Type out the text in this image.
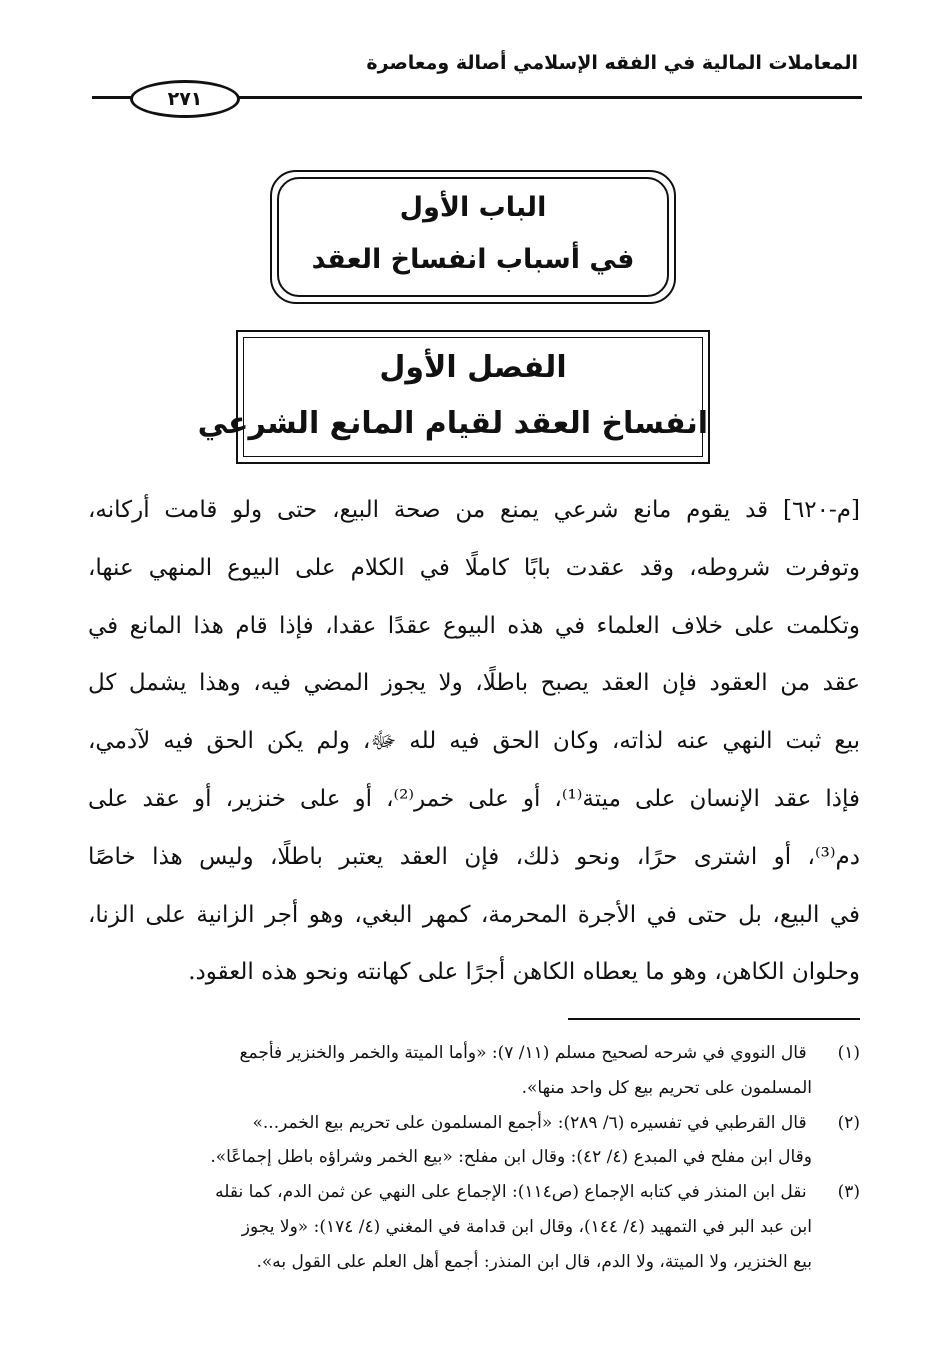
المعاملات المالية في الفقه الإسلامي أصالة ومعاصرة
٢٧١
الباب الأول
في أسباب انفساخ العقد
الفصل الأول
انفساخ العقد لقيام المانع الشرعي
[م-٦٢٠] قد يقوم مانع شرعي يمنع من صحة البيع، حتى ولو قامت أركانه،
وتوفرت شروطه، وقد عقدت بابًا كاملًا في الكلام على البيوع المنهي عنها،
وتكلمت على خلاف العلماء في هذه البيوع عقدًا عقدا، فإذا قام هذا المانع في
عقد من العقود فإن العقد يصبح باطلًا، ولا يجوز المضي فيه، وهذا يشمل كل
بيع ثبت النهي عنه لذاته، وكان الحق فيه لله ﷻ، ولم يكن الحق فيه لآدمي،
فإذا عقد الإنسان على ميتة⁽¹⁾، أو على خمر⁽²⁾، أو على خنزير، أو عقد على
دم⁽³⁾، أو اشترى حرًا، ونحو ذلك، فإن العقد يعتبر باطلًا، وليس هذا خاصًا
في البيع، بل حتى في الأجرة المحرمة، كمهر البغي، وهو أجر الزانية على الزنا،
وحلوان الكاهن، وهو ما يعطاه الكاهن أجرًا على كهانته ونحو هذه العقود.
(١) قال النووي في شرحه لصحيح مسلم (١١/ ٧): «وأما الميتة والخمر والخنزير فأجمع
المسلمون على تحريم بيع كل واحد منها».
(٢) قال القرطبي في تفسيره (٦/ ٢٨٩): «أجمع المسلمون على تحريم بيع الخمر...»
وقال ابن مفلح في المبدع (٤/ ٤٢): وقال ابن مفلح: «بيع الخمر وشراؤه باطل إجماعًا».
(٣) نقل ابن المنذر في كتابه الإجماع (ص١١٤): الإجماع على النهي عن ثمن الدم، كما نقله
ابن عبد البر في التمهيد (٤/ ١٤٤)، وقال ابن قدامة في المغني (٤/ ١٧٤): «ولا يجوز
بيع الخنزير، ولا الميتة، ولا الدم، قال ابن المنذر: أجمع أهل العلم على القول به».
